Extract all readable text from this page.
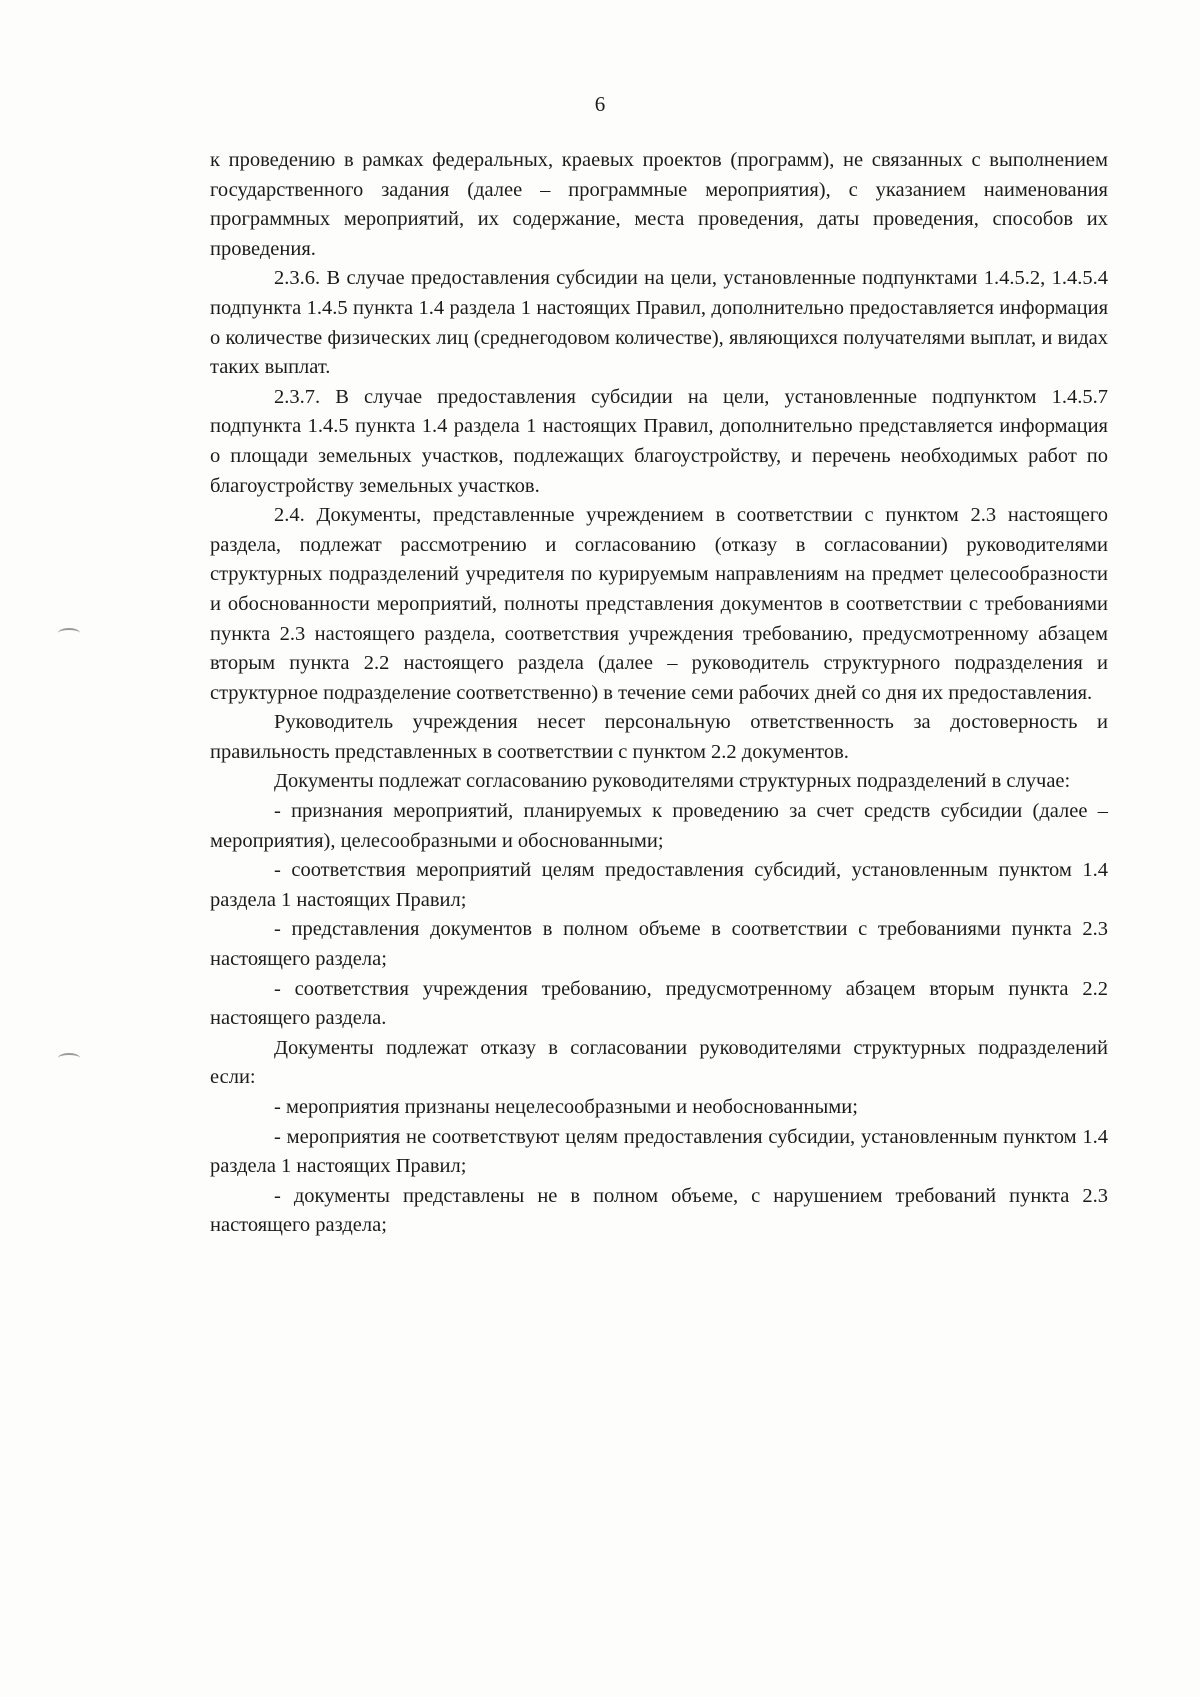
6

к проведению в рамках федеральных, краевых проектов (программ), не связанных с выполнением государственного задания (далее – программные мероприятия), с указанием наименования программных мероприятий, их содержание, места проведения, даты проведения, способов их проведения.

2.3.6. В случае предоставления субсидии на цели, установленные подпунктами 1.4.5.2, 1.4.5.4 подпункта 1.4.5 пункта 1.4 раздела 1 настоящих Правил, дополнительно предоставляется информация о количестве физических лиц (среднегодовом количестве), являющихся получателями выплат, и видах таких выплат.

2.3.7. В случае предоставления субсидии на цели, установленные подпунктом 1.4.5.7 подпункта 1.4.5 пункта 1.4 раздела 1 настоящих Правил, дополнительно представляется информация о площади земельных участков, подлежащих благоустройству, и перечень необходимых работ по благоустройству земельных участков.

2.4. Документы, представленные учреждением в соответствии с пунктом 2.3 настоящего раздела, подлежат рассмотрению и согласованию (отказу в согласовании) руководителями структурных подразделений учредителя по курируемым направлениям на предмет целесообразности и обоснованности мероприятий, полноты представления документов в соответствии с требованиями пункта 2.3 настоящего раздела, соответствия учреждения требованию, предусмотренному абзацем вторым пункта 2.2 настоящего раздела (далее – руководитель структурного подразделения и структурное подразделение соответственно) в течение семи рабочих дней со дня их предоставления.

Руководитель учреждения несет персональную ответственность за достоверность и правильность представленных в соответствии с пунктом 2.2 документов.

Документы подлежат согласованию руководителями структурных подразделений в случае:

- признания мероприятий, планируемых к проведению за счет средств субсидии (далее – мероприятия), целесообразными и обоснованными;

- соответствия мероприятий целям предоставления субсидий, установленным пунктом 1.4 раздела 1 настоящих Правил;

- представления документов в полном объеме в соответствии с требованиями пункта 2.3 настоящего раздела;

- соответствия учреждения требованию, предусмотренному абзацем вторым пункта 2.2 настоящего раздела.

Документы подлежат отказу в согласовании руководителями структурных подразделений если:

- мероприятия признаны нецелесообразными и необоснованными;

- мероприятия не соответствуют целям предоставления субсидии, установленным пунктом 1.4 раздела 1 настоящих Правил;

- документы представлены не в полном объеме, с нарушением требований пункта 2.3 настоящего раздела;
